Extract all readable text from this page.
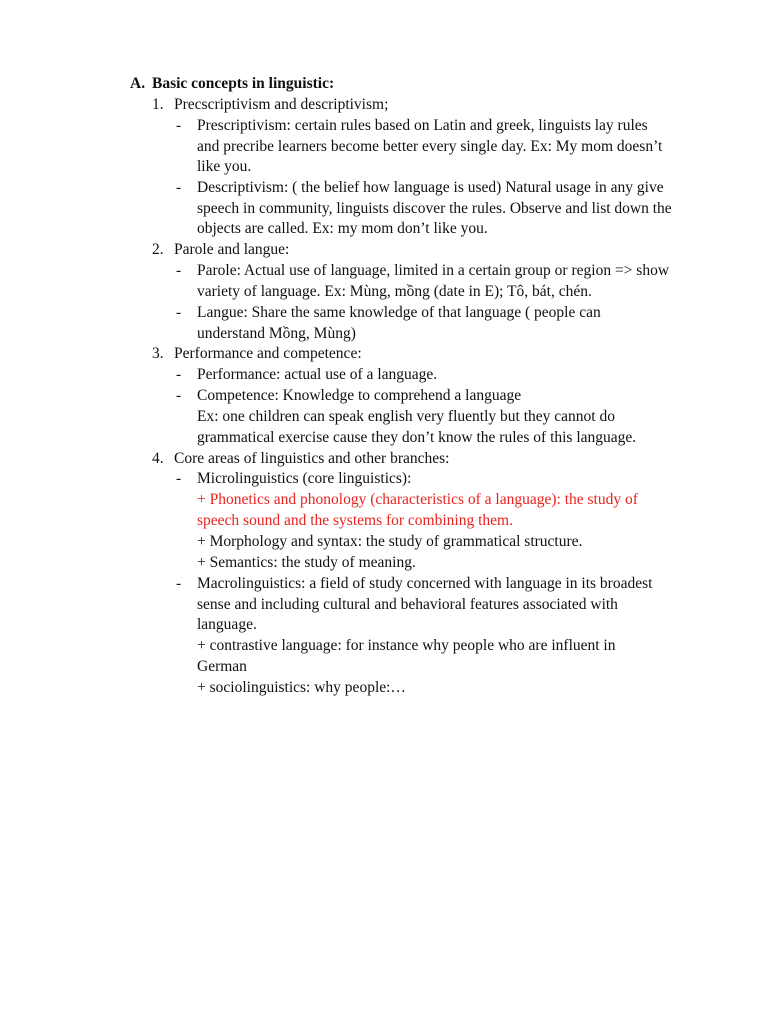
A. Basic concepts in linguistic:
1. Precscriptivism and descriptivism;
- Prescriptivism: certain rules based on Latin and greek, linguists lay rules
and precribe learners become better every single day. Ex: My mom doesn’t
like you.
- Descriptivism: ( the belief how language is used) Natural usage in any give
speech in community, linguists discover the rules. Observe and list down the
objects are called. Ex: my mom don’t like you.
2. Parole and langue:
- Parole: Actual use of language, limited in a certain group or region => show
variety of language. Ex: Mùng, mồng (date in E); Tô, bát, chén.
- Langue: Share the same knowledge of that language ( people can
understand Mồng, Mùng)
3. Performance and competence:
- Performance: actual use of a language.
- Competence: Knowledge to comprehend a language
Ex: one children can speak english very fluently but they cannot do
grammatical exercise cause they don’t know the rules of this language.
4. Core areas of linguistics and other branches:
- Microlinguistics (core linguistics):
+ Phonetics and phonology (characteristics of a language): the study of
speech sound and the systems for combining them.
+ Morphology and syntax: the study of grammatical structure.
+ Semantics: the study of meaning.
- Macrolinguistics: a field of study concerned with language in its broadest
sense and including cultural and behavioral features associated with
language.
+ contrastive language: for instance why people who are influent in
German
+ sociolinguistics: why people:…
